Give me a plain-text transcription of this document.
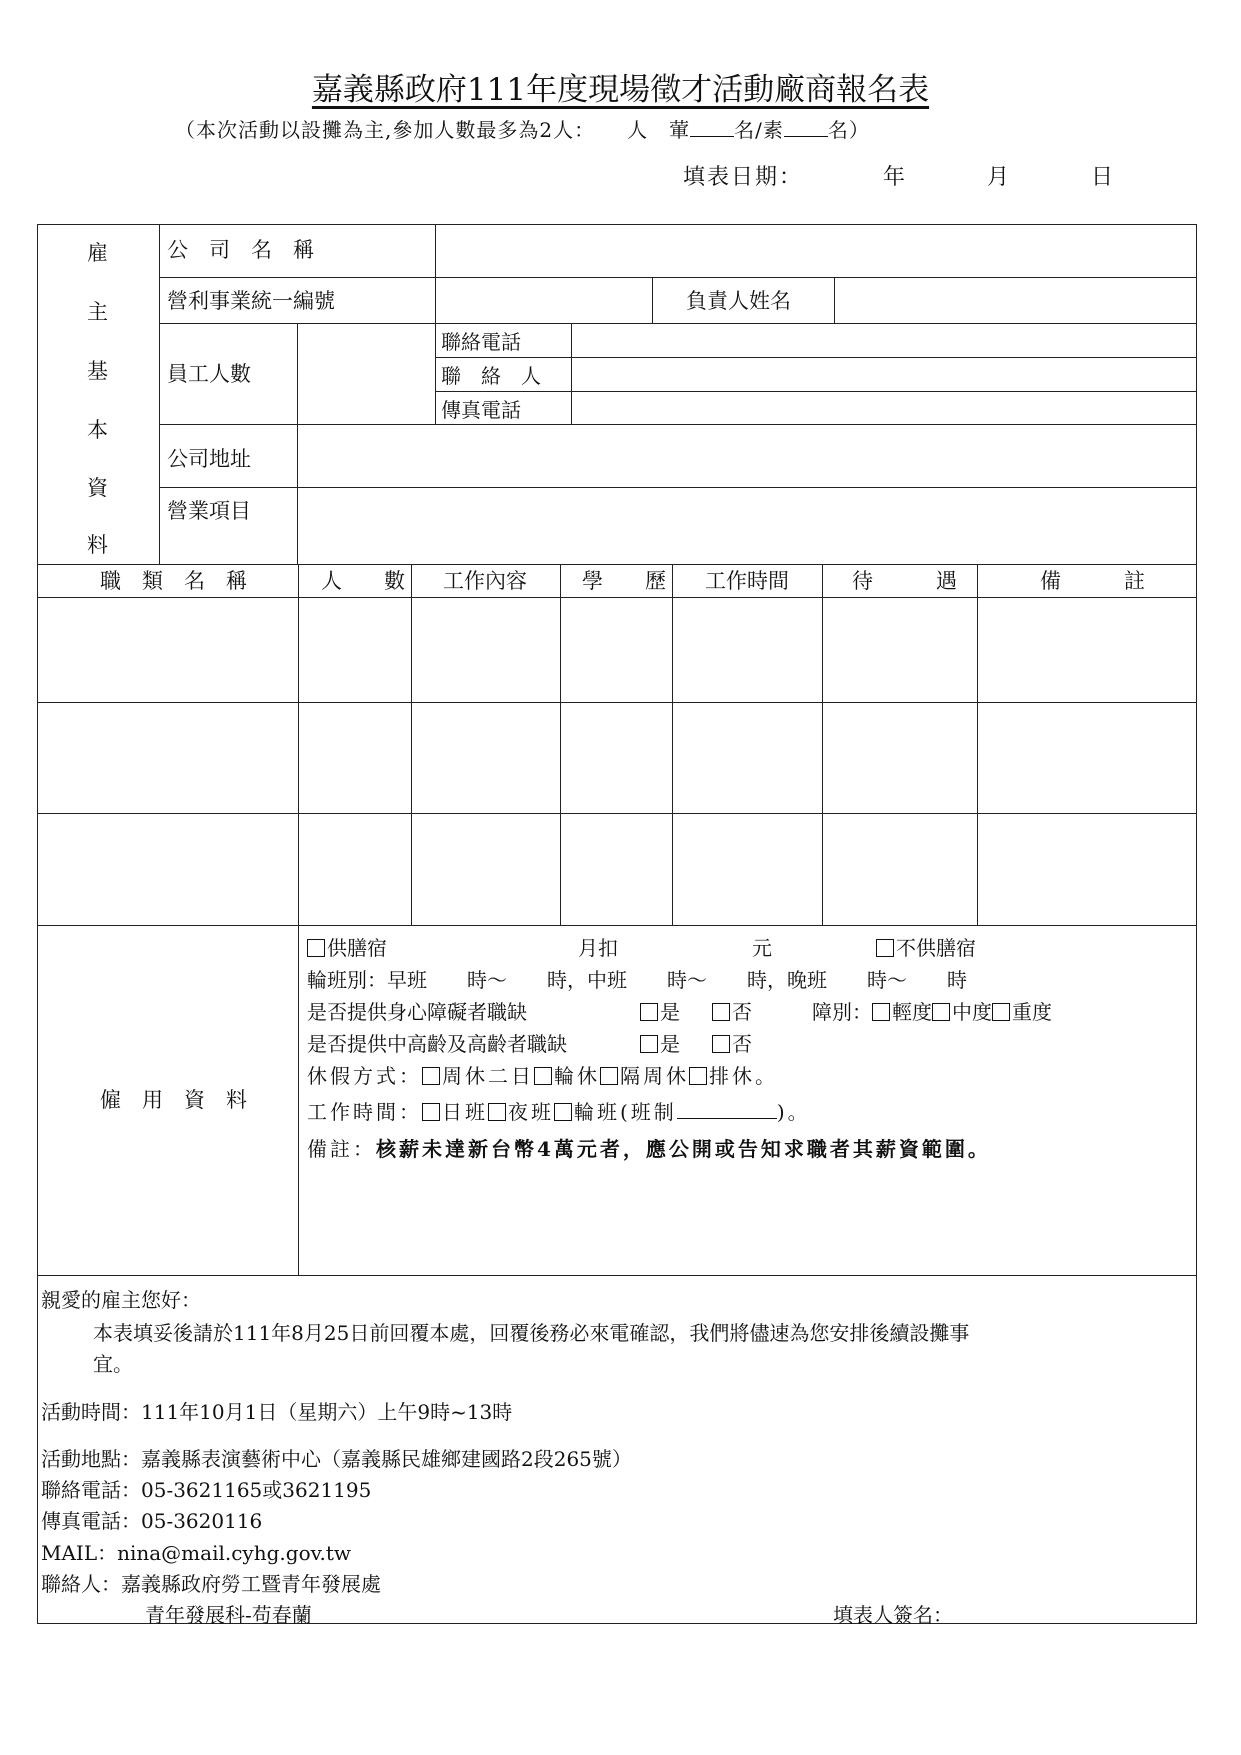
嘉義縣政府111年度現場徵才活動廠商報名表
（本次活動以設攤為主,參加人數最多為2人：　　人　葷 名/素 名）
填表日期：	年	月	日
雇
主
基
本
資
料
公　司　名　稱
營利事業統一編號	負責人姓名
員工人數
聯絡電話
聯　絡　人
傳真電話
公司地址
營業項目
職　類　名　稱	人　　數 工作內容	學　　歷 工作時間	待　　　遇	備　　　註
僱　用　資　料
供膳宿	月扣	元	不供膳宿
輪班別：早班　　時～　　時，中班　　時～　　時，晚班　　時～　　時
是否提供身心障礙者職缺	是	否	障別： 輕度 中度 重度
是否提供中高齡及高齡者職缺	是	否
休假方式： 周休二日 輪休 隔周休 排休。
工作時間： 日班 夜班 輪班(班制	)。
備註：核薪未達新台幣4萬元者，應公開或告知求職者其薪資範圍。
親愛的雇主您好：
本表填妥後請於111年8月25日前回覆本處，回覆後務必來電確認，我們將儘速為您安排後續設攤事
宜。
活動時間：111年10月1日（星期六）上午9時~13時
活動地點：嘉義縣表演藝術中心（嘉義縣民雄鄉建國路2段265號）
聯絡電話：05-3621165或3621195
傳真電話：05-3620116
MAIL：nina@mail.cyhg.gov.tw
聯絡人：嘉義縣政府勞工暨青年發展處
青年發展科-苟春蘭	填表人簽名：
